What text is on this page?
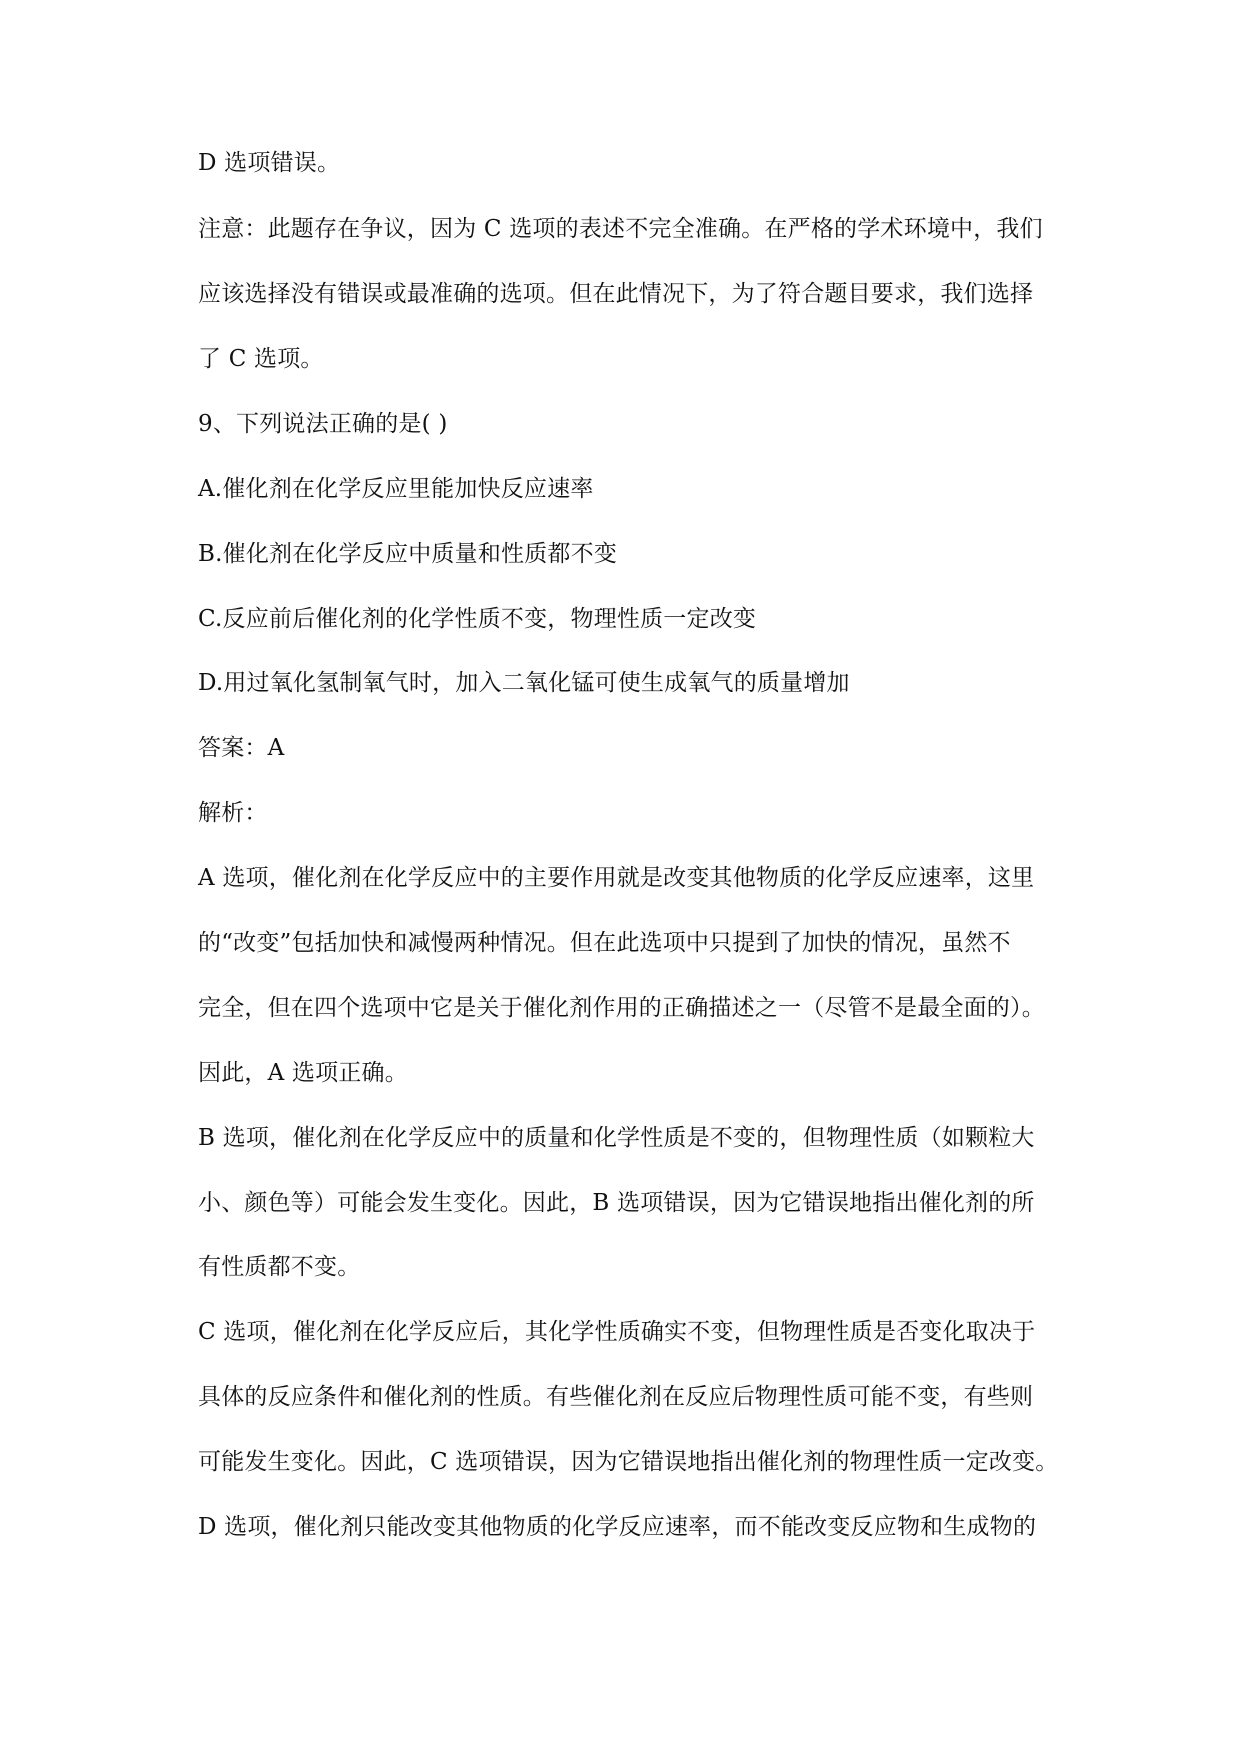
D 选项错误。

注意：此题存在争议，因为 C 选项的表述不完全准确。在严格的学术环境中，我们

应该选择没有错误或最准确的选项。但在此情况下，为了符合题目要求，我们选择

了 C 选项。

9、下列说法正确的是( )

A.催化剂在化学反应里能加快反应速率

B.催化剂在化学反应中质量和性质都不变

C.反应前后催化剂的化学性质不变，物理性质一定改变

D.用过氧化氢制氧气时，加入二氧化锰可使生成氧气的质量增加

答案：A

解析：

A 选项，催化剂在化学反应中的主要作用就是改变其他物质的化学反应速率，这里

的“改变”包括加快和减慢两种情况。但在此选项中只提到了加快的情况，虽然不

完全，但在四个选项中它是关于催化剂作用的正确描述之一（尽管不是最全面的）。

因此，A 选项正确。

B 选项，催化剂在化学反应中的质量和化学性质是不变的，但物理性质（如颗粒大

小、颜色等）可能会发生变化。因此，B 选项错误，因为它错误地指出催化剂的所

有性质都不变。

C 选项，催化剂在化学反应后，其化学性质确实不变，但物理性质是否变化取决于

具体的反应条件和催化剂的性质。有些催化剂在反应后物理性质可能不变，有些则

可能发生变化。因此，C 选项错误，因为它错误地指出催化剂的物理性质一定改变。

D 选项，催化剂只能改变其他物质的化学反应速率，而不能改变反应物和生成物的
